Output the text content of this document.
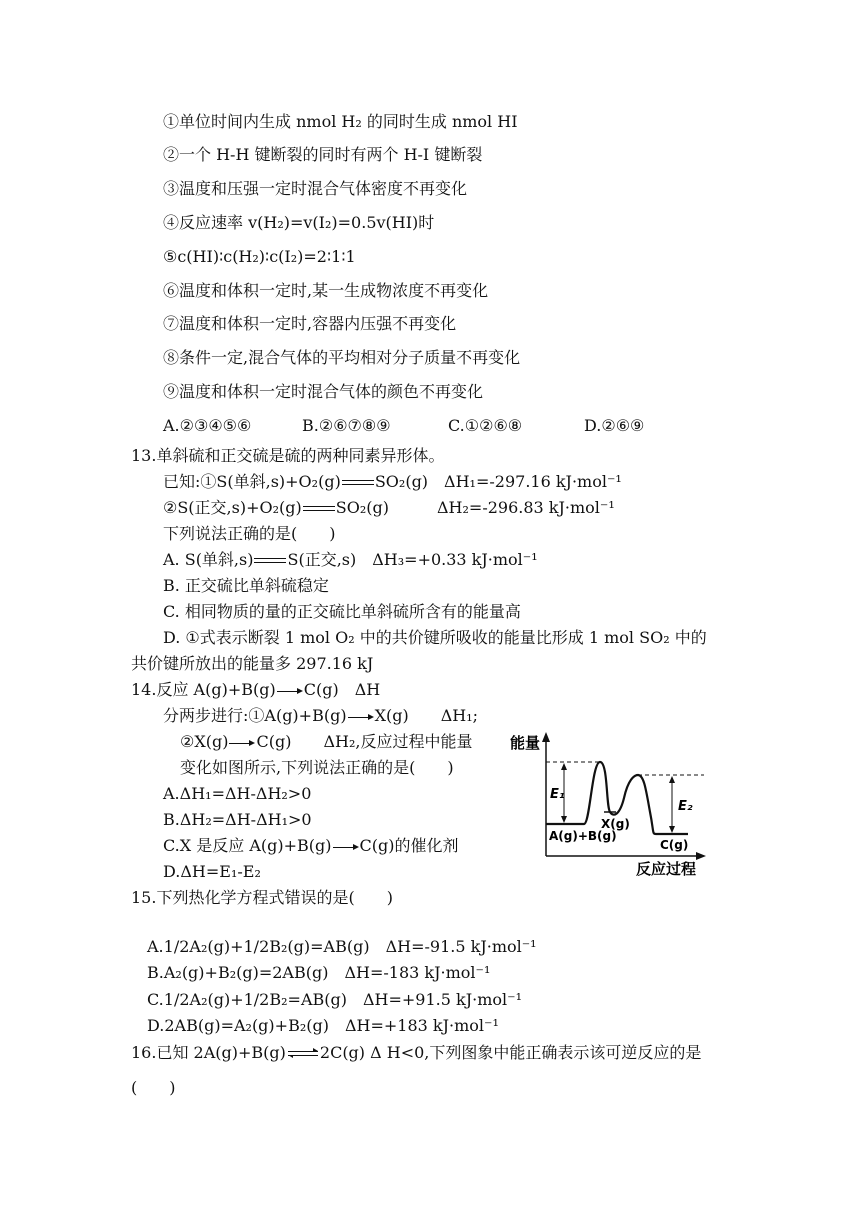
①单位时间内生成 nmol H₂ 的同时生成 nmol HI
②一个 H-H 键断裂的同时有两个 H-I 键断裂
③温度和压强一定时混合气体密度不再变化
④反应速率 v(H₂)=v(I₂)=0.5v(HI)时
⑤c(HI)∶c(H₂)∶c(I₂)=2∶1∶1
⑥温度和体积一定时,某一生成物浓度不再变化
⑦温度和体积一定时,容器内压强不再变化
⑧条件一定,混合气体的平均相对分子质量不再变化
⑨温度和体积一定时混合气体的颜色不再变化
A.②③④⑤⑥	B.②⑥⑦⑧⑨	C.①②⑥⑧	D.②⑥⑨
13.单斜硫和正交硫是硫的两种同素异形体。
已知:①S(单斜,s)+O₂(g) SO₂(g) ΔH₁=-297.16 kJ·mol⁻¹
②S(正交,s)+O₂(g) SO₂(g)	ΔH₂=-296.83 kJ·mol⁻¹
下列说法正确的是(　　)
A. S(单斜,s) S(正交,s) ΔH₃=+0.33 kJ·mol⁻¹
B. 正交硫比单斜硫稳定
C. 相同物质的量的正交硫比单斜硫所含有的能量高
D. ①式表示断裂 1 mol O₂ 中的共价键所吸收的能量比形成 1 mol SO₂ 中的
共价键所放出的能量多 297.16 kJ
14.反应 A(g)+B(g) C(g)　ΔH
分两步进行:①A(g)+B(g) X(g)　　ΔH₁;
②X(g) C(g)　　ΔH₂,反应过程中能量
变化如图所示,下列说法正确的是(　　)
A.ΔH₁=ΔH-ΔH₂>0
B.ΔH₂=ΔH-ΔH₁>0
C.X 是反应 A(g)+B(g) C(g)的催化剂
D.ΔH=E₁-E₂
能量
反应过程
E₁
E₂
A(g)+B(g)
X(g)
C(g)
15.下列热化学方程式错误的是(　　)
A.1/2A₂(g)+1/2B₂(g)=AB(g)　ΔH=-91.5 kJ·mol⁻¹
B.A₂(g)+B₂(g)=2AB(g)　ΔH=-183 kJ·mol⁻¹
C.1/2A₂(g)+1/2B₂=AB(g)　ΔH=+91.5 kJ·mol⁻¹
D.2AB(g)=A₂(g)+B₂(g)　ΔH=+183 kJ·mol⁻¹
16.已知 2A(g)+B(g) 2C(g) Δ H<0,下列图象中能正确表示该可逆反应的是
(　　)
